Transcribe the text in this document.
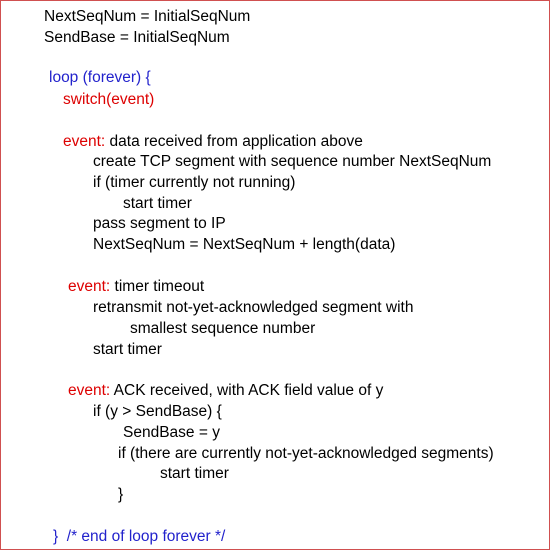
NextSeqNum = InitialSeqNum
SendBase = InitialSeqNum
loop (forever) {
switch(event)
event: data received from application above
create TCP segment with sequence number NextSeqNum
if (timer currently not running)
start timer
pass segment to IP
NextSeqNum = NextSeqNum + length(data)
event: timer timeout
retransmit not-yet-acknowledged segment with
smallest sequence number
start timer
event: ACK received, with ACK field value of y
if (y > SendBase) {
SendBase = y
if (there are currently not-yet-acknowledged segments)
start timer
}
}  /* end of loop forever */
